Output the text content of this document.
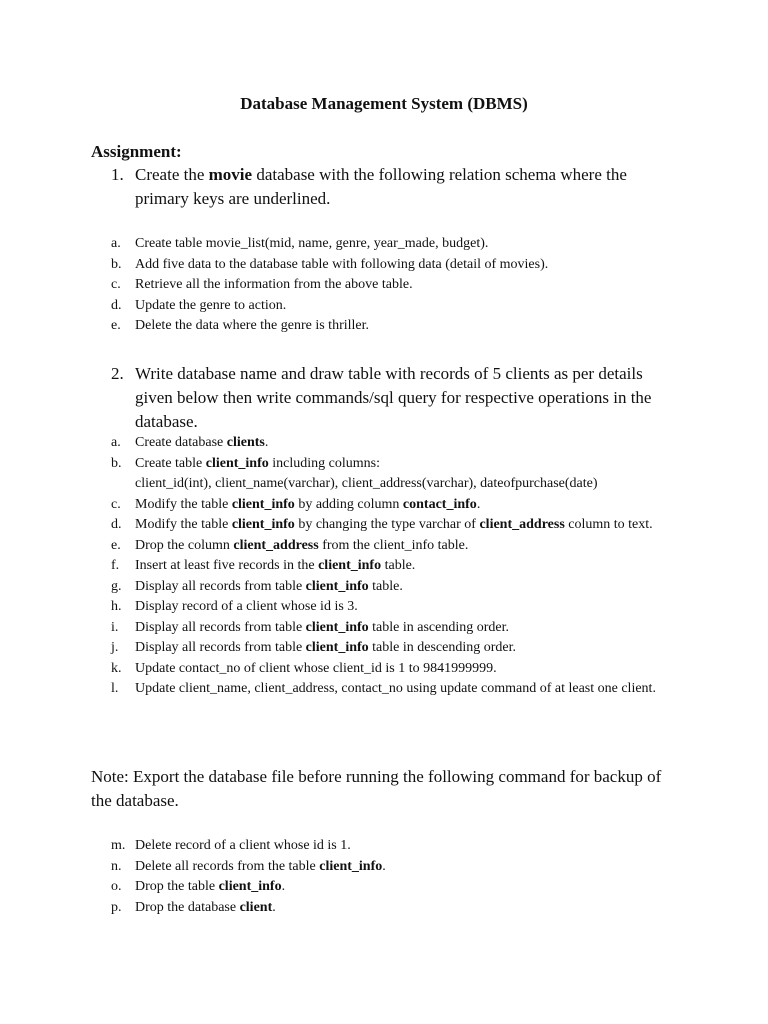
Database Management System (DBMS)
Assignment:
1. Create the movie database with the following relation schema where the primary keys are underlined.
a. Create table movie_list(mid, name, genre, year_made, budget).
b. Add five data to the database table with following data (detail of movies).
c. Retrieve all the information from the above table.
d. Update the genre to action.
e. Delete the data where the genre is thriller.
2. Write database name and draw table with records of 5 clients as per details given below then write commands/sql query for respective operations in the database.
a. Create database clients.
b. Create table client_info including columns:
client_id(int), client_name(varchar), client_address(varchar), dateofpurchase(date)
c. Modify the table client_info by adding column contact_info.
d. Modify the table client_info by changing the type varchar of client_address column to text.
e. Drop the column client_address from the client_info table.
f. Insert at least five records in the client_info table.
g. Display all records from table client_info table.
h. Display record of a client whose id is 3.
i. Display all records from table client_info table in ascending order.
j. Display all records from table client_info table in descending order.
k. Update contact_no of client whose client_id is 1 to 9841999999.
l. Update client_name, client_address, contact_no using update command of at least one client.

Note: Export the database file before running the following command for backup of the database.

m. Delete record of a client whose id is 1.
n. Delete all records from the table client_info.
o. Drop the table client_info.
p. Drop the database client.
